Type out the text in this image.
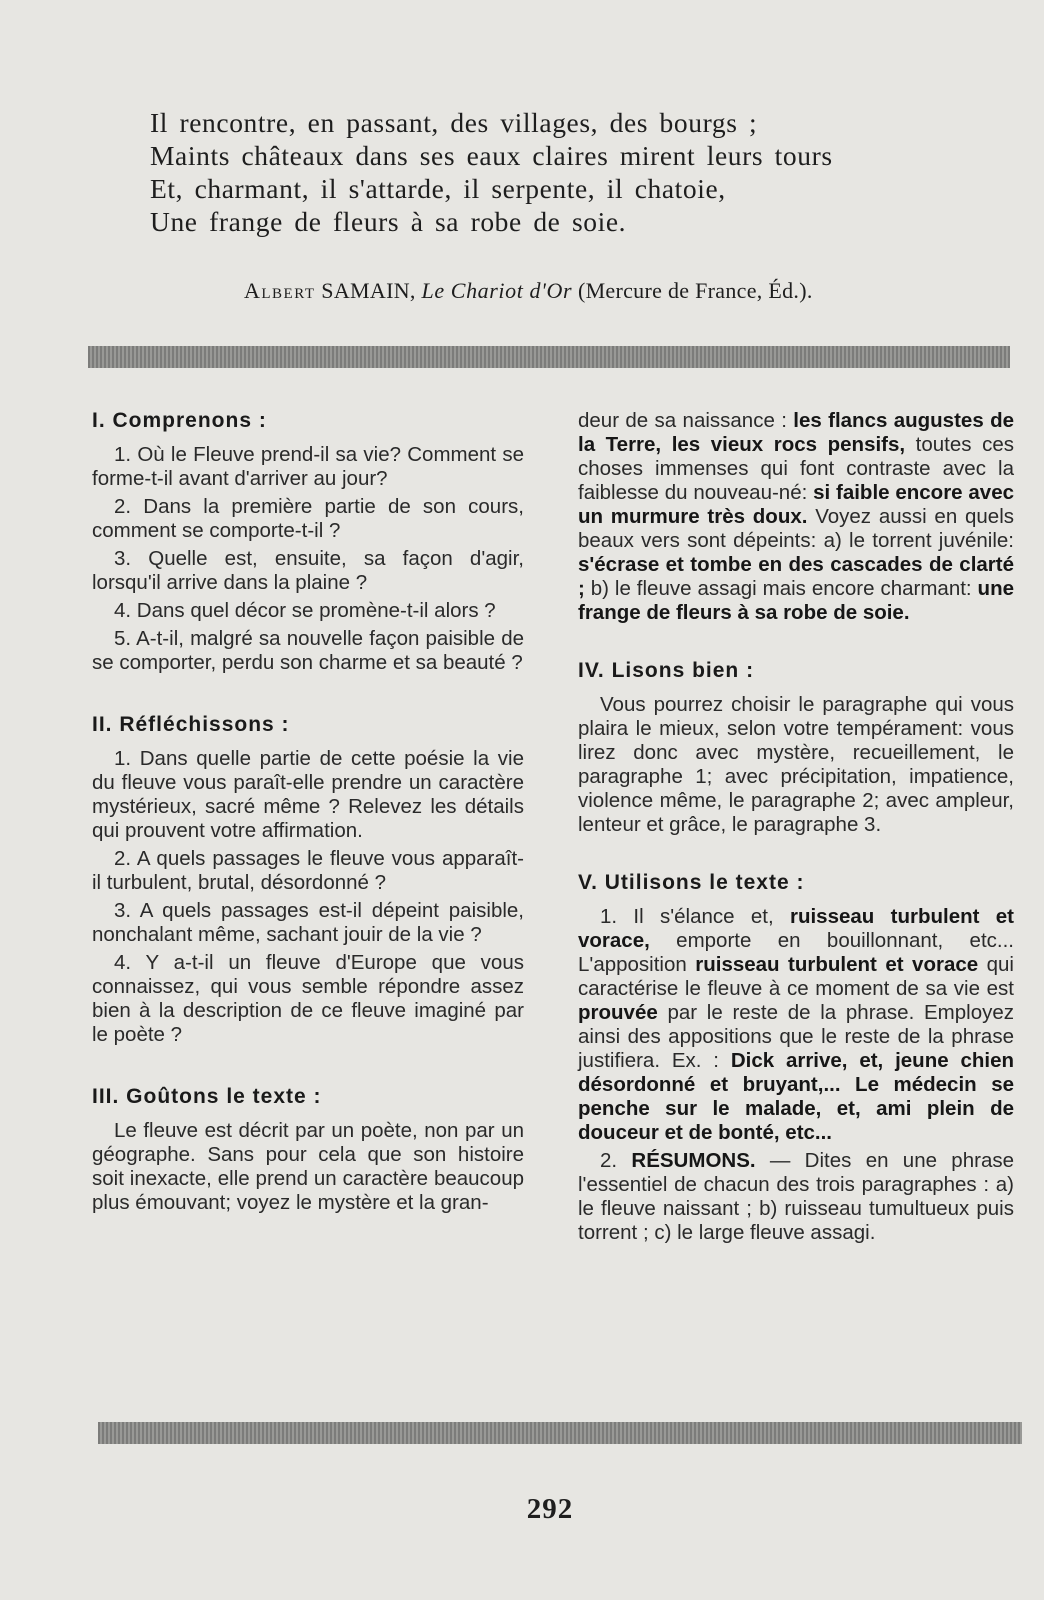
Il rencontre, en passant, des villages, des bourgs ;
Maints châteaux dans ses eaux claires mirent leurs tours
Et, charmant, il s'attarde, il serpente, il chatoie,
Une frange de fleurs à sa robe de soie.
Albert SAMAIN, Le Chariot d'Or (Mercure de France, Éd.).
I. Comprenons :

1. Où le Fleuve prend-il sa vie? Comment se forme-t-il avant d'arriver au jour?

2. Dans la première partie de son cours, comment se comporte-t-il ?

3. Quelle est, ensuite, sa façon d'agir, lorsqu'il arrive dans la plaine ?

4. Dans quel décor se promène-t-il alors ?

5. A-t-il, malgré sa nouvelle façon paisible de se comporter, perdu son charme et sa beauté ?

II. Réfléchissons :

1. Dans quelle partie de cette poésie la vie du fleuve vous paraît-elle prendre un caractère mystérieux, sacré même ? Relevez les détails qui prouvent votre affirmation.

2. A quels passages le fleuve vous apparaît-il turbulent, brutal, désordonné ?

3. A quels passages est-il dépeint paisible, nonchalant même, sachant jouir de la vie ?

4. Y a-t-il un fleuve d'Europe que vous connaissez, qui vous semble répondre assez bien à la description de ce fleuve imaginé par le poète ?

III. Goûtons le texte :

Le fleuve est décrit par un poète, non par un géographe. Sans pour cela que son histoire soit inexacte, elle prend un caractère beaucoup plus émouvant; voyez le mystère et la gran-

deur de sa naissance : les flancs augustes de la Terre, les vieux rocs pensifs, toutes ces choses immenses qui font contraste avec la faiblesse du nouveau-né: si faible encore avec un murmure très doux. Voyez aussi en quels beaux vers sont dépeints: a) le torrent juvénile: s'écrase et tombe en des cascades de clarté ; b) le fleuve assagi mais encore charmant: une frange de fleurs à sa robe de soie.

IV. Lisons bien :

Vous pourrez choisir le paragraphe qui vous plaira le mieux, selon votre tempérament: vous lirez donc avec mystère, recueillement, le paragraphe 1; avec précipitation, impatience, violence même, le paragraphe 2; avec ampleur, lenteur et grâce, le paragraphe 3.

V. Utilisons le texte :

1. Il s'élance et, ruisseau turbulent et vorace, emporte en bouillonnant, etc... L'apposition ruisseau turbulent et vorace qui caractérise le fleuve à ce moment de sa vie est prouvée par le reste de la phrase. Employez ainsi des appositions que le reste de la phrase justifiera. Ex. : Dick arrive, et, jeune chien désordonné et bruyant,... Le médecin se penche sur le malade, et, ami plein de douceur et de bonté, etc...

2. RÉSUMONS. — Dites en une phrase l'essentiel de chacun des trois paragraphes : a) le fleuve naissant ; b) ruisseau tumultueux puis torrent ; c) le large fleuve assagi.

292
